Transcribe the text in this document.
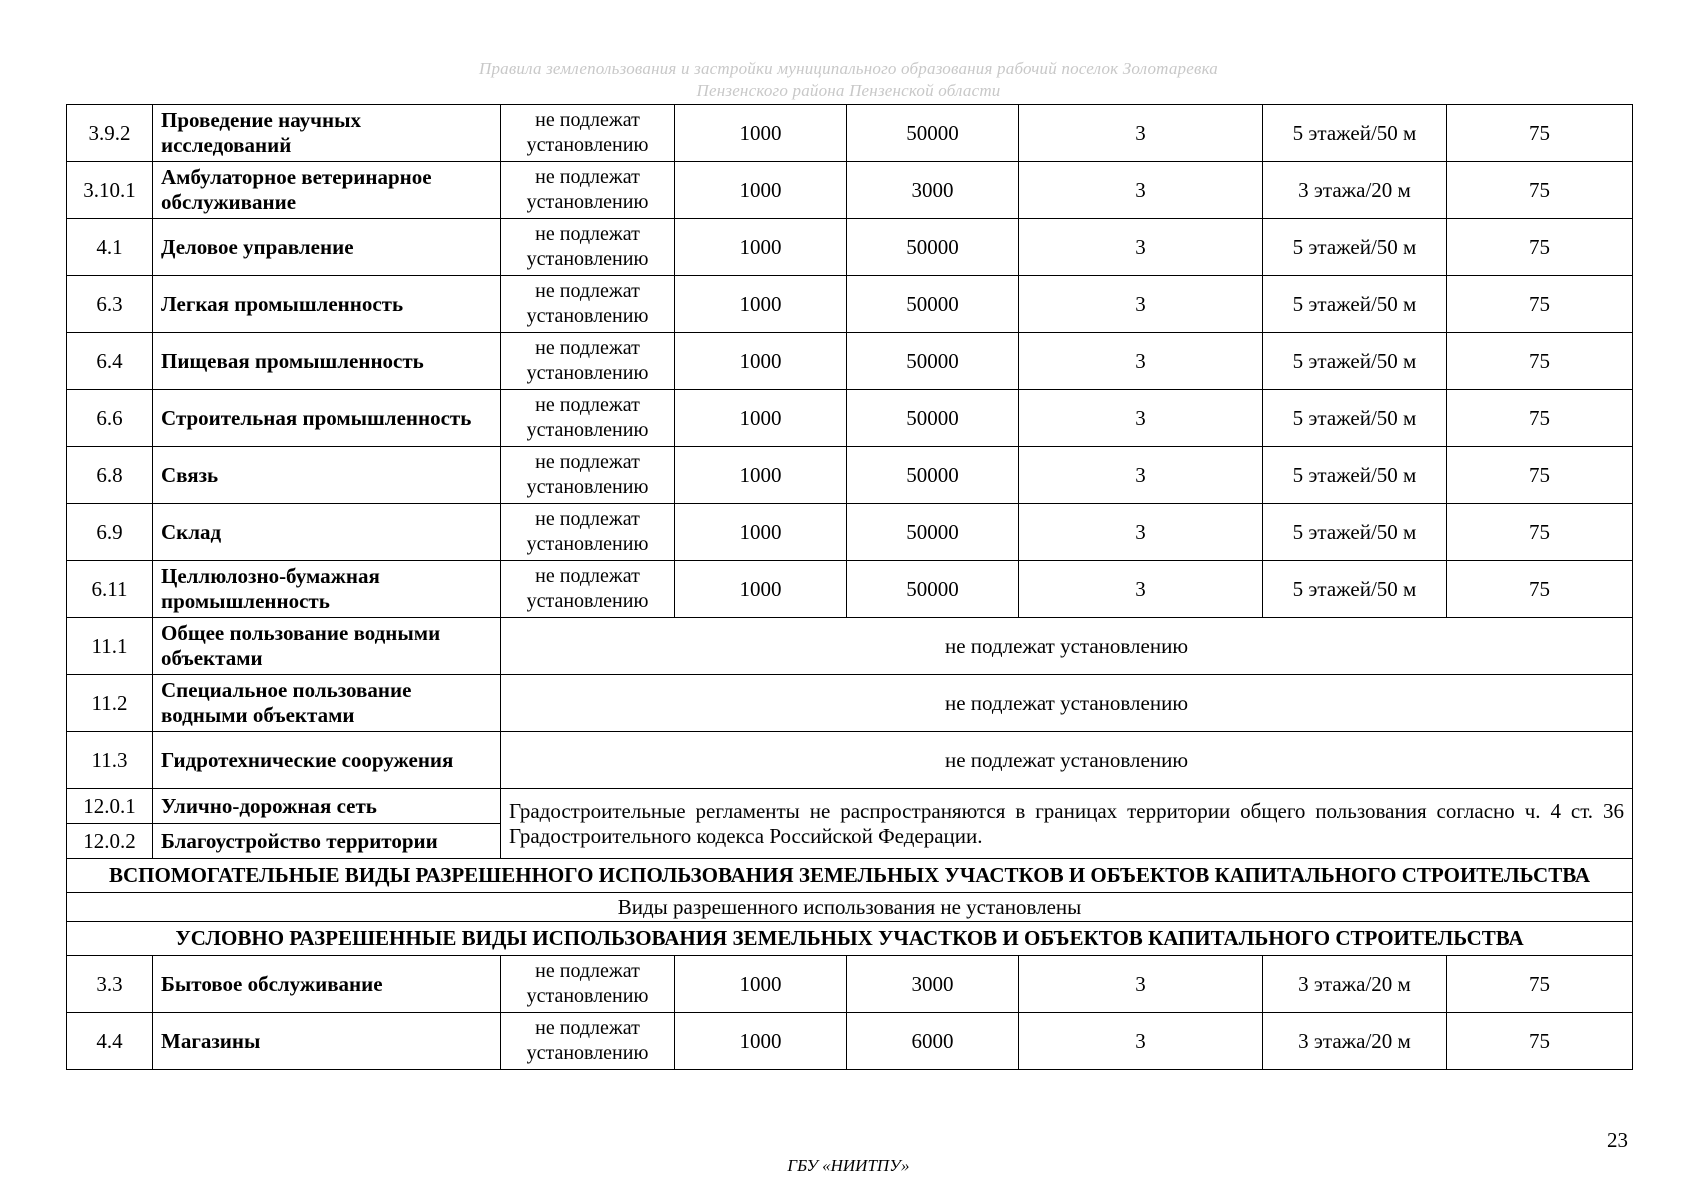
Правила землепользования и застройки муниципального образования рабочий поселок Золотаревка
Пензенского района Пензенской области
3.9.2	Проведение научных исследований	не подлежат установлению	1000	50000	3	5 этажей/50 м	75
3.10.1	Амбулаторное ветеринарное обслуживание	не подлежат установлению	1000	3000	3	3 этажа/20 м	75
4.1	Деловое управление	не подлежат установлению	1000	50000	3	5 этажей/50 м	75
6.3	Легкая промышленность	не подлежат установлению	1000	50000	3	5 этажей/50 м	75
6.4	Пищевая промышленность	не подлежат установлению	1000	50000	3	5 этажей/50 м	75
6.6	Строительная промышленность	не подлежат установлению	1000	50000	3	5 этажей/50 м	75
6.8	Связь	не подлежат установлению	1000	50000	3	5 этажей/50 м	75
6.9	Склад	не подлежат установлению	1000	50000	3	5 этажей/50 м	75
6.11	Целлюлозно-бумажная промышленность	не подлежат установлению	1000	50000	3	5 этажей/50 м	75
11.1	Общее пользование водными объектами	не подлежат установлению					
11.2	Специальное пользование водными объектами	не подлежат установлению					
11.3	Гидротехнические сооружения	не подлежат установлению					
12.0.1	Улично-дорожная сеть	Градостроительные регламенты не распространяются в границах территории общего пользования согласно ч. 4 ст. 36 Градостроительного кодекса Российской Федерации.					
12.0.2	Благоустройство территории						
ВСПОМОГАТЕЛЬНЫЕ ВИДЫ РАЗРЕШЕННОГО ИСПОЛЬЗОВАНИЯ ЗЕМЕЛЬНЫХ УЧАСТКОВ И ОБЪЕКТОВ КАПИТАЛЬНОГО СТРОИТЕЛЬСТВА							
Виды разрешенного использования не установлены							
УСЛОВНО РАЗРЕШЕННЫЕ ВИДЫ ИСПОЛЬЗОВАНИЯ ЗЕМЕЛЬНЫХ УЧАСТКОВ И ОБЪЕКТОВ КАПИТАЛЬНОГО СТРОИТЕЛЬСТВА							
3.3	Бытовое обслуживание	не подлежат установлению	1000	3000	3	3 этажа/20 м	75
4.4	Магазины	не подлежат установлению	1000	6000	3	3 этажа/20 м	75
23
ГБУ «НИИТПУ»
